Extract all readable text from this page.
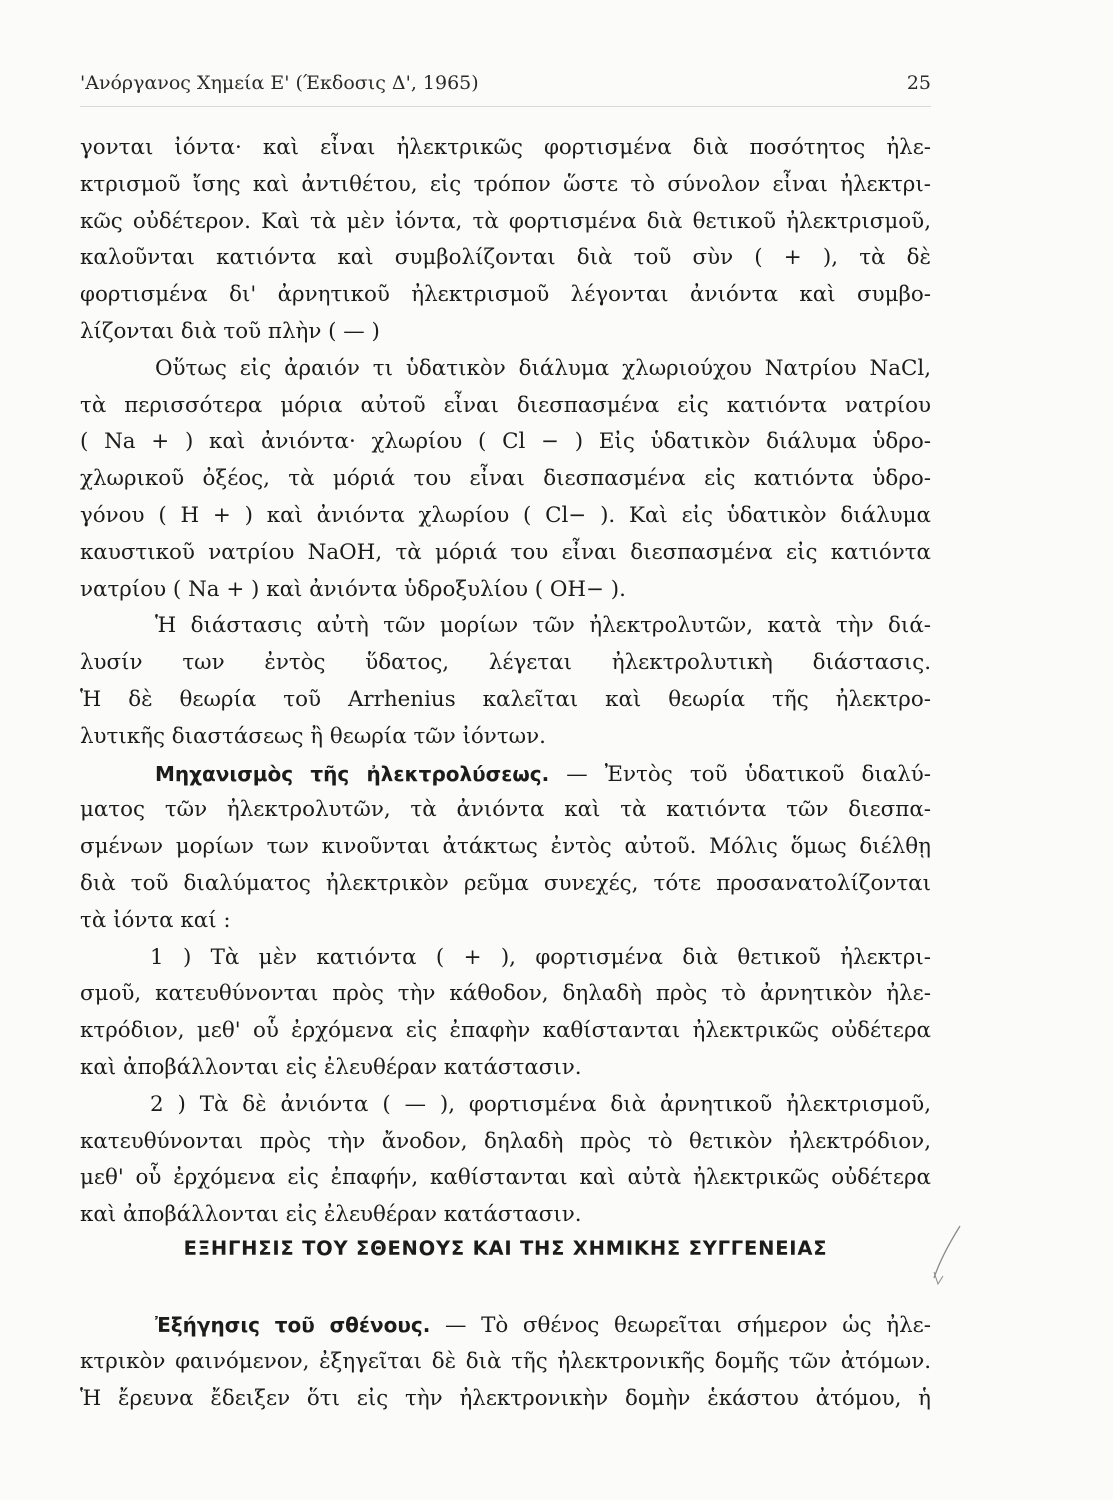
'Ανόργανος Χημεία Ε' (Έκδοσις Δ', 1965)	25
γονται ἰόντα· καὶ εἶναι ἠλεκτρικῶς φορτισμένα διὰ ποσότητος ἠλε-
κτρισμοῦ ἴσης καὶ ἀντιθέτου, εἰς τρόπον ὥστε τὸ σύνολον εἶναι ἠλεκτρι-
κῶς οὐδέτερον. Καὶ τὰ μὲν ἰόντα, τὰ φορτισμένα διὰ θετικοῦ ἠλεκτρισμοῦ,
καλοῦνται κατιόντα καὶ συμβολίζονται διὰ τοῦ σὺν ( + ), τὰ δὲ
φορτισμένα δι' ἀρνητικοῦ ἠλεκτρισμοῦ λέγονται ἀνιόντα καὶ συμβο-
λίζονται διὰ τοῦ πλὴν ( — )
Οὕτως εἰς ἀραιόν τι ὑδατικὸν διάλυμα χλωριούχου Νατρίου NaCl,
τὰ περισσότερα μόρια αὐτοῦ εἶναι διεσπασμένα εἰς κατιόντα νατρίου
( Na + ) καὶ ἀνιόντα· χλωρίου ( Cl − ) Εἰς ὑδατικὸν διάλυμα ὑδρο-
χλωρικοῦ ὀξέος, τὰ μόριά του εἶναι διεσπασμένα εἰς κατιόντα ὑδρο-
γόνου ( H + ) καὶ ἀνιόντα χλωρίου ( Cl− ). Καὶ εἰς ὑδατικὸν διάλυμα
καυστικοῦ νατρίου NaOH, τὰ μόριά του εἶναι διεσπασμένα εἰς κατιόντα
νατρίου ( Na + ) καὶ ἀνιόντα ὑδροξυλίου ( OH− ).
Ἡ διάστασις αὐτὴ τῶν μορίων τῶν ἠλεκτρολυτῶν, κατὰ τὴν διά-
λυσίν των ἐντὸς ὕδατος, λέγεται ἠλεκτρολυτικὴ διάστασις.
Ἡ δὲ θεωρία τοῦ Arrhenius καλεῖται καὶ θεωρία τῆς ἠλεκτρο-
λυτικῆς διαστάσεως ἢ θεωρία τῶν ἰόντων.
Μηχανισμὸς τῆς ἠλεκτρολύσεως. — Ἐντὸς τοῦ ὑδατικοῦ διαλύ-
ματος τῶν ἠλεκτρολυτῶν, τὰ ἀνιόντα καὶ τὰ κατιόντα τῶν διεσπα-
σμένων μορίων των κινοῦνται ἀτάκτως ἐντὸς αὐτοῦ. Μόλις ὅμως διέλθῃ
διὰ τοῦ διαλύματος ἠλεκτρικὸν ρεῦμα συνεχές, τότε προσανατολίζονται
τὰ ἰόντα καί :
1 ) Τὰ μὲν κατιόντα ( + ), φορτισμένα διὰ θετικοῦ ἠλεκτρι-
σμοῦ, κατευθύνονται πρὸς τὴν κάθοδον, δηλαδὴ πρὸς τὸ ἀρνητικὸν ἠλε-
κτρόδιον, μεθ' οὗ ἐρχόμενα εἰς ἐπαφὴν καθίστανται ἠλεκτρικῶς οὐδέτερα
καὶ ἀποβάλλονται εἰς ἐλευθέραν κατάστασιν.
2 ) Τὰ δὲ ἀνιόντα ( — ), φορτισμένα διὰ ἀρνητικοῦ ἠλεκτρισμοῦ,
κατευθύνονται πρὸς τὴν ἄνοδον, δηλαδὴ πρὸς τὸ θετικὸν ἠλεκτρόδιον,
μεθ' οὗ ἐρχόμενα εἰς ἐπαφήν, καθίστανται καὶ αὐτὰ ἠλεκτρικῶς οὐδέτερα
καὶ ἀποβάλλονται εἰς ἐλευθέραν κατάστασιν.
ΕΞΗΓΗΣΙΣ ΤΟΥ ΣΘΕΝΟΥΣ ΚΑΙ ΤΗΣ ΧΗΜΙΚΗΣ ΣΥΓΓΕΝΕΙΑΣ
Ἐξήγησις τοῦ σθένους. — Τὸ σθένος θεωρεῖται σήμερον ὡς ἠλε-
κτρικὸν φαινόμενον, ἐξηγεῖται δὲ διὰ τῆς ἠλεκτρονικῆς δομῆς τῶν ἀτόμων.
Ἡ ἔρευνα ἔδειξεν ὅτι εἰς τὴν ἠλεκτρονικὴν δομὴν ἑκάστου ἀτόμου, ἡ
